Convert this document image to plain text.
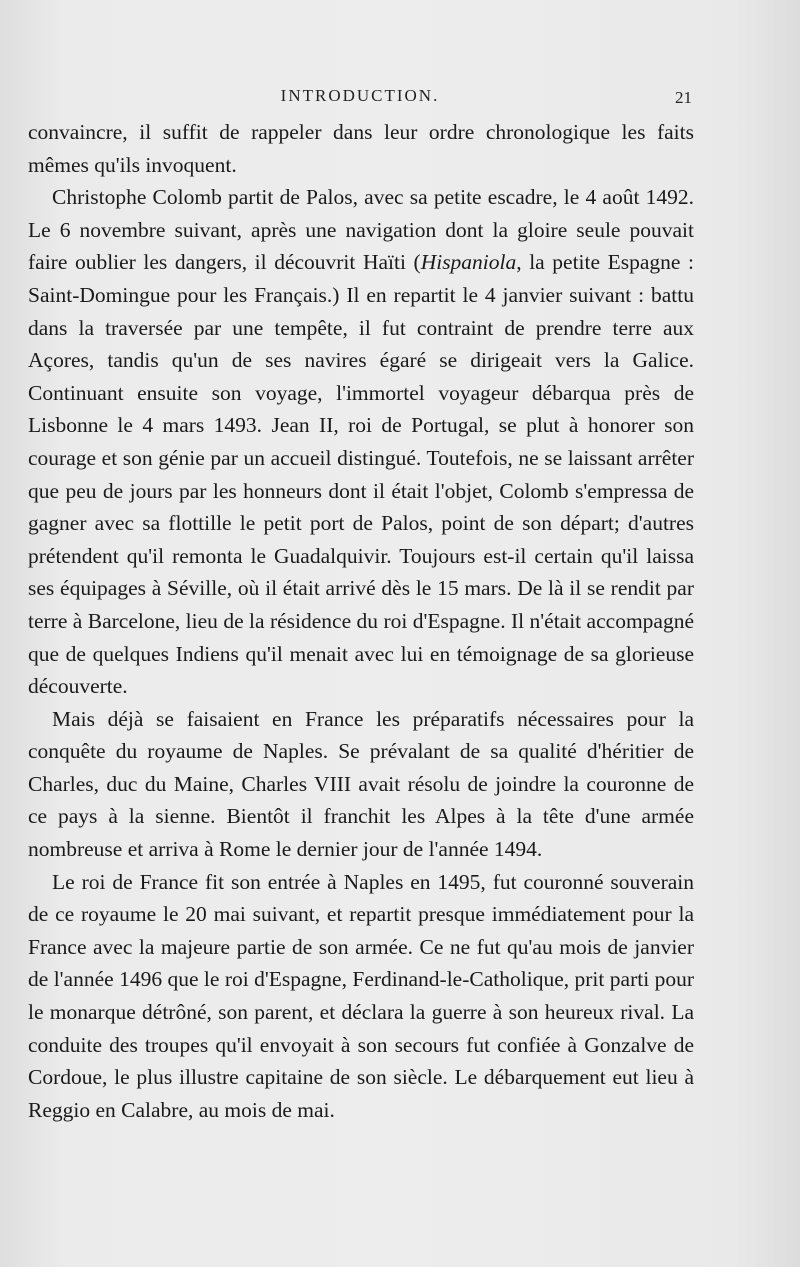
INTRODUCTION.	21

convaincre, il suffit de rappeler dans leur ordre chronologique les faits mêmes qu'ils invoquent.

Christophe Colomb partit de Palos, avec sa petite escadre, le 4 août 1492. Le 6 novembre suivant, après une navigation dont la gloire seule pouvait faire oublier les dangers, il découvrit Haïti (Hispaniola, la petite Espagne : Saint-Domingue pour les Français.) Il en repartit le 4 janvier suivant : battu dans la traversée par une tempête, il fut contraint de prendre terre aux Açores, tandis qu'un de ses navires égaré se dirigeait vers la Galice. Continuant ensuite son voyage, l'immortel voyageur débarqua près de Lisbonne le 4 mars 1493. Jean II, roi de Portugal, se plut à honorer son courage et son génie par un accueil distingué. Toutefois, ne se laissant arrêter que peu de jours par les honneurs dont il était l'objet, Colomb s'empressa de gagner avec sa flottille le petit port de Palos, point de son départ; d'autres prétendent qu'il remonta le Guadalquivir. Toujours est-il certain qu'il laissa ses équipages à Séville, où il était arrivé dès le 15 mars. De là il se rendit par terre à Barcelone, lieu de la résidence du roi d'Espagne. Il n'était accompagné que de quelques Indiens qu'il menait avec lui en témoignage de sa glorieuse découverte.

Mais déjà se faisaient en France les préparatifs nécessaires pour la conquête du royaume de Naples. Se prévalant de sa qualité d'héritier de Charles, duc du Maine, Charles VIII avait résolu de joindre la couronne de ce pays à la sienne. Bientôt il franchit les Alpes à la tête d'une armée nombreuse et arriva à Rome le dernier jour de l'année 1494.

Le roi de France fit son entrée à Naples en 1495, fut couronné souverain de ce royaume le 20 mai suivant, et repartit presque immédiatement pour la France avec la majeure partie de son armée. Ce ne fut qu'au mois de janvier de l'année 1496 que le roi d'Espagne, Ferdinand-le-Catholique, prit parti pour le monarque détrôné, son parent, et déclara la guerre à son heureux rival. La conduite des troupes qu'il envoyait à son secours fut confiée à Gonzalve de Cordoue, le plus illustre capitaine de son siècle. Le débarquement eut lieu à Reggio en Calabre, au mois de mai.
